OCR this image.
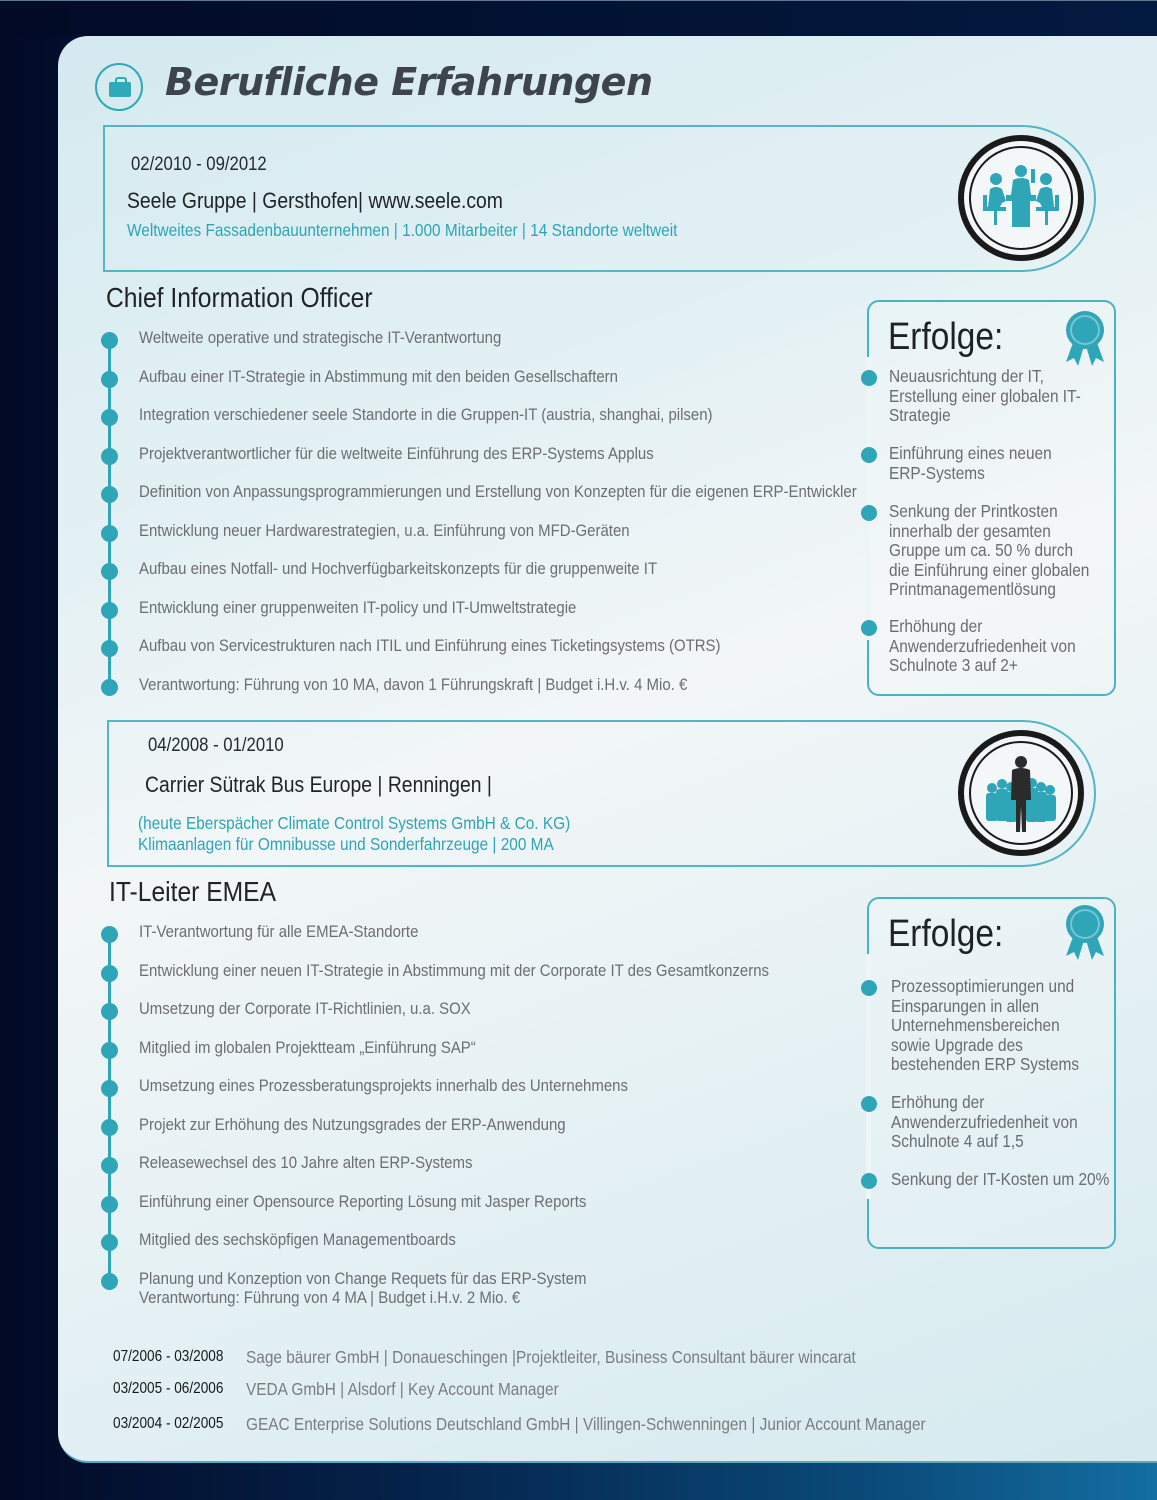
Berufliche Erfahrungen
02/2010 - 09/2012
Seele Gruppe | Gersthofen| www.seele.com
Weltweites Fassadenbauunternehmen | 1.000 Mitarbeiter | 14 Standorte weltweit
Chief Information Officer
Weltweite operative und strategische IT-Verantwortung
Aufbau einer IT-Strategie in Abstimmung mit den beiden Gesellschaftern
Integration verschiedener seele Standorte in die Gruppen-IT (austria, shanghai, pilsen)
Projektverantwortlicher für die weltweite Einführung des ERP-Systems Applus
Definition von Anpassungsprogrammierungen und Erstellung von Konzepten für die eigenen ERP-Entwickler
Entwicklung neuer Hardwarestrategien, u.a. Einführung von MFD-Geräten
Aufbau eines Notfall- und Hochverfügbarkeitskonzepts für die gruppenweite IT
Entwicklung einer gruppenweiten IT-policy und IT-Umweltstrategie
Aufbau von Servicestrukturen nach ITIL und Einführung eines Ticketingsystems (OTRS)
Verantwortung: Führung von 10 MA, davon 1 Führungskraft | Budget i.H.v. 4 Mio. €
Erfolge:
Neuausrichtung der IT, Erstellung einer globalen IT-Strategie
Einführung eines neuen ERP-Systems
Senkung der Printkosten innerhalb der gesamten Gruppe um ca. 50 % durch die Einführung einer globalen Printmanagementlösung
Erhöhung der Anwenderzufriedenheit von Schulnote 3 auf 2+
04/2008 - 01/2010
Carrier Sütrak Bus Europe | Renningen |
(heute Eberspächer Climate Control Systems GmbH & Co. KG)
Klimaanlagen für Omnibusse und Sonderfahrzeuge | 200 MA
IT-Leiter EMEA
IT-Verantwortung für alle EMEA-Standorte
Entwicklung einer neuen IT-Strategie in Abstimmung mit der Corporate IT des Gesamtkonzerns
Umsetzung der Corporate IT-Richtlinien, u.a. SOX
Mitglied im globalen Projektteam „Einführung SAP“
Umsetzung eines Prozessberatungsprojekts innerhalb des Unternehmens
Projekt zur Erhöhung des Nutzungsgrades der ERP-Anwendung
Releasewechsel des 10 Jahre alten ERP-Systems
Einführung einer Opensource Reporting Lösung mit Jasper Reports
Mitglied des sechsköpfigen Managementboards
Planung und Konzeption von Change Requets für das ERP-System
Verantwortung: Führung von 4 MA | Budget i.H.v. 2 Mio. €
Erfolge:
Prozessoptimierungen und Einsparungen in allen Unternehmensbereichen sowie Upgrade des bestehenden ERP Systems
Erhöhung der Anwenderzufriedenheit von Schulnote 4 auf 1,5
Senkung der IT-Kosten um 20%
07/2006 - 03/2008 Sage bäurer GmbH | Donaueschingen |Projektleiter, Business Consultant bäurer wincarat
03/2005 - 06/2006 VEDA GmbH | Alsdorf | Key Account Manager
03/2004 - 02/2005 GEAC Enterprise Solutions Deutschland GmbH | Villingen-Schwenningen | Junior Account Manager
